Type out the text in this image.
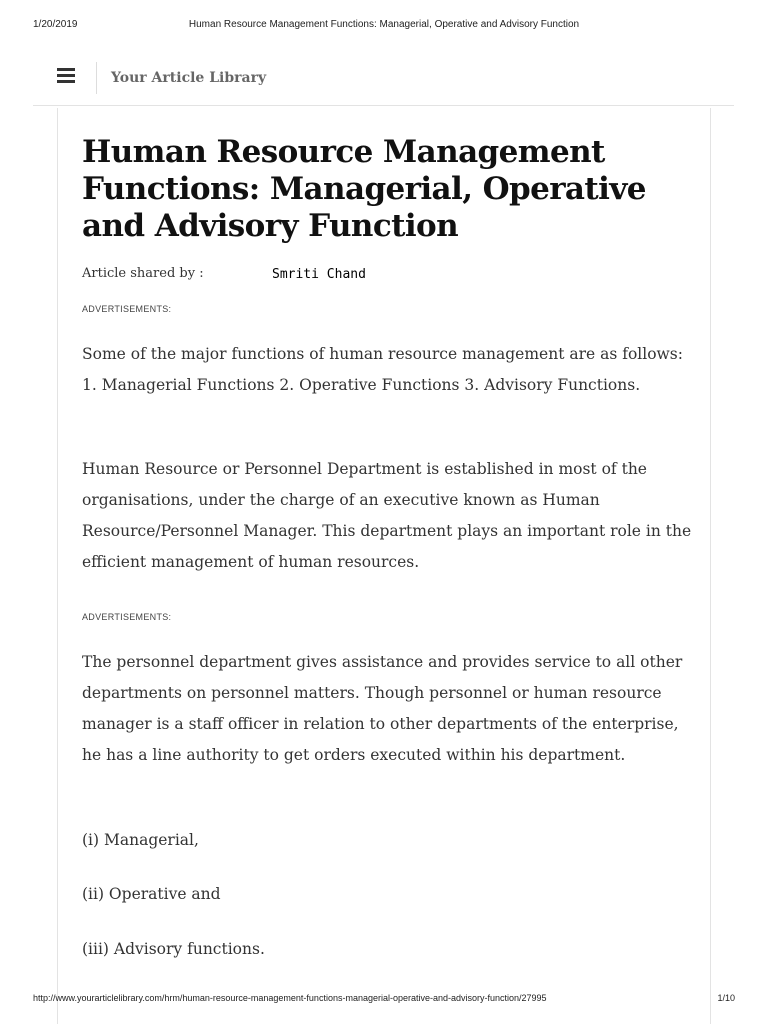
1/20/2019	Human Resource Management Functions: Managerial, Operative and Advisory Function
Your Article Library
Human Resource Management Functions: Managerial, Operative and Advisory Function
Article shared by :	Smriti Chand
ADVERTISEMENTS:

Some of the major functions of human resource management are as follows: 1. Managerial Functions 2. Operative Functions 3. Advisory Functions.

Human Resource or Personnel Department is established in most of the organisations, under the charge of an executive known as Human Resource/Personnel Manager. This department plays an important role in the efficient management of human resources.

ADVERTISEMENTS:

The personnel department gives assistance and provides service to all other departments on personnel matters. Though personnel or human resource manager is a staff officer in relation to other departments of the enterprise, he has a line authority to get orders executed within his department.

(i) Managerial,

(ii) Operative and

(iii) Advisory functions.

http://www.yourarticlelibrary.com/hrm/human-resource-management-functions-managerial-operative-and-advisory-function/27995	1/10
